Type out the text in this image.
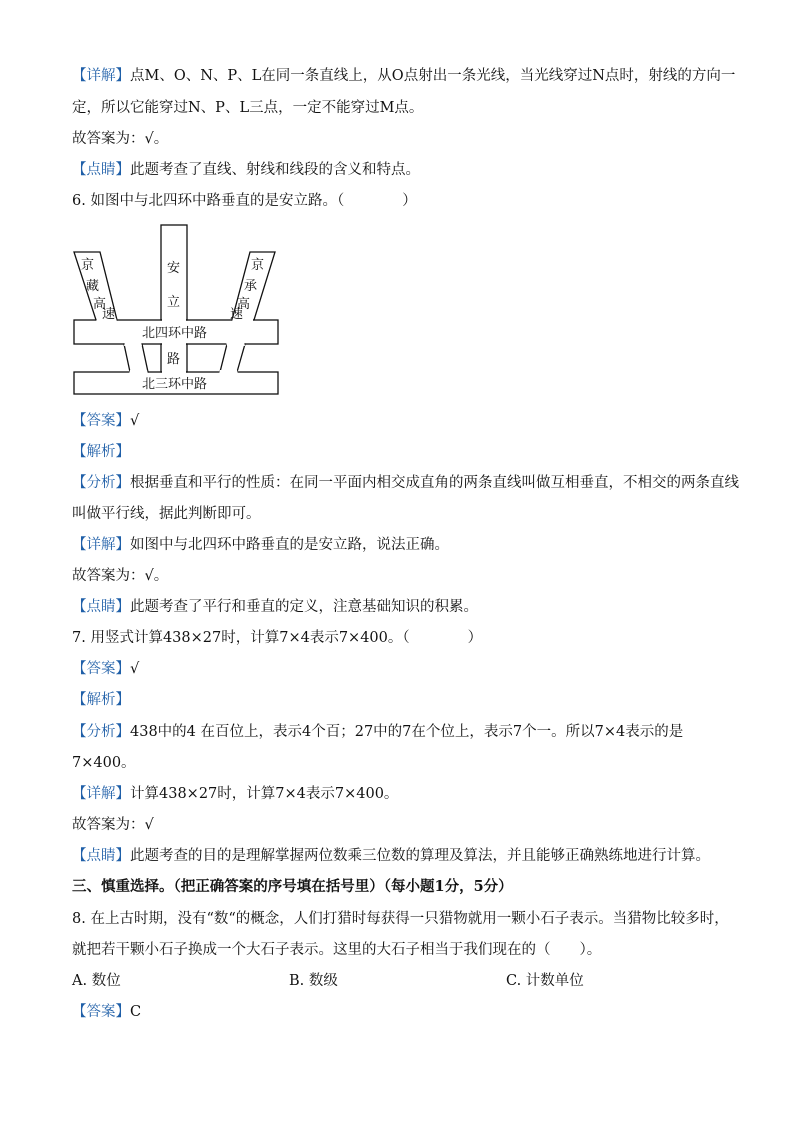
【详解】点M、O、N、P、L在同一条直线上，从O点射出一条光线，当光线穿过N点时，射线的方向一
定，所以它能穿过N、P、L三点，一定不能穿过M点。
故答案为：√。
【点睛】此题考查了直线、射线和线段的含义和特点。
6. 如图中与北四环中路垂直的是安立路。（　　　　）
京
藏
高
速
安
立
京
承
高
速
北四环中路
路
北三环中路
【答案】√
【解析】
【分析】根据垂直和平行的性质：在同一平面内相交成直角的两条直线叫做互相垂直，不相交的两条直线
叫做平行线，据此判断即可。
【详解】如图中与北四环中路垂直的是安立路，说法正确。
故答案为：√。
【点睛】此题考查了平行和垂直的定义，注意基础知识的积累。
7. 用竖式计算438×27时，计算7×4表示7×400。（　　　　）
【答案】√
【解析】
【分析】438中的4 在百位上，表示4个百；27中的7在个位上，表示7个一。所以7×4表示的是
7×400。
【详解】计算438×27时，计算7×4表示7×400。
故答案为：√
【点睛】此题考查的目的是理解掌握两位数乘三位数的算理及算法，并且能够正确熟练地进行计算。
三、慎重选择。（把正确答案的序号填在括号里）（每小题1分，5分）
8. 在上古时期，没有“数“的概念，人们打猎时每获得一只猎物就用一颗小石子表示。当猎物比较多时，
就把若干颗小石子换成一个大石子表示。这里的大石子相当于我们现在的（　　）。
A. 数位	B. 数级	C. 计数单位
【答案】C
